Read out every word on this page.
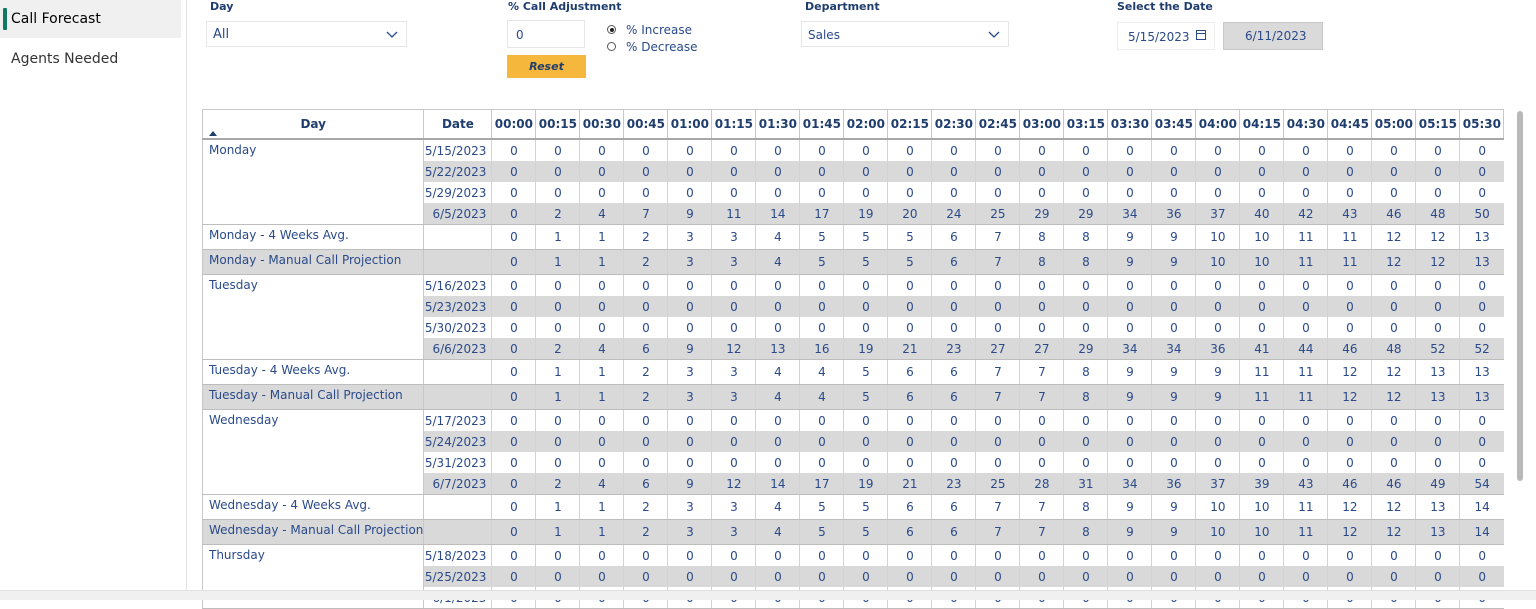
Call Forecast
Agents Needed
Day
All
% Call Adjustment
0
Reset
% Increase
% Decrease
Department
Sales
Select the Date
5/15/2023	6/11/2023
Day	Date	00:00	00:15	00:30	00:45	01:00	01:15	01:30	01:45	02:00	02:15	02:30	02:45	03:00	03:15	03:30	03:45	04:00	04:15	04:30	04:45	05:00	05:15	05:30
Monday	5/15/2023	0	0	0	0	0	0	0	0	0	0	0	0	0	0	0	0	0	0	0	0	0	0	0
	5/22/2023	0	0	0	0	0	0	0	0	0	0	0	0	0	0	0	0	0	0	0	0	0	0	0
	5/29/2023	0	0	0	0	0	0	0	0	0	0	0	0	0	0	0	0	0	0	0	0	0	0	0
	6/5/2023	0	2	4	7	9	11	14	17	19	20	24	25	29	29	34	36	37	40	42	43	46	48	50
Monday - 4 Weeks Avg.		0	1	1	2	3	3	4	5	5	5	6	7	8	8	9	9	10	10	11	11	12	12	13
Monday - Manual Call Projection		0	1	1	2	3	3	4	5	5	5	6	7	8	8	9	9	10	10	11	11	12	12	13
Tuesday	5/16/2023	0	0	0	0	0	0	0	0	0	0	0	0	0	0	0	0	0	0	0	0	0	0	0
	5/23/2023	0	0	0	0	0	0	0	0	0	0	0	0	0	0	0	0	0	0	0	0	0	0	0
	5/30/2023	0	0	0	0	0	0	0	0	0	0	0	0	0	0	0	0	0	0	0	0	0	0	0
	6/6/2023	0	2	4	6	9	12	13	16	19	21	23	27	27	29	34	34	36	41	44	46	48	52	52
Tuesday - 4 Weeks Avg.		0	1	1	2	3	3	4	4	5	6	6	7	7	8	9	9	9	11	11	12	12	13	13
Tuesday - Manual Call Projection		0	1	1	2	3	3	4	4	5	6	6	7	7	8	9	9	9	11	11	12	12	13	13
Wednesday	5/17/2023	0	0	0	0	0	0	0	0	0	0	0	0	0	0	0	0	0	0	0	0	0	0	0
	5/24/2023	0	0	0	0	0	0	0	0	0	0	0	0	0	0	0	0	0	0	0	0	0	0	0
	5/31/2023	0	0	0	0	0	0	0	0	0	0	0	0	0	0	0	0	0	0	0	0	0	0	0
	6/7/2023	0	2	4	6	9	12	14	17	19	21	23	25	28	31	34	36	37	39	43	46	46	49	54
Wednesday - 4 Weeks Avg.		0	1	1	2	3	3	4	5	5	6	6	7	7	8	9	9	10	10	11	12	12	13	14
Wednesday - Manual Call Projection		0	1	1	2	3	3	4	5	5	6	6	7	7	8	9	9	10	10	11	12	12	13	14
Thursday	5/18/2023	0	0	0	0	0	0	0	0	0	0	0	0	0	0	0	0	0	0	0	0	0	0	0
	5/25/2023	0	0	0	0	0	0	0	0	0	0	0	0	0	0	0	0	0	0	0	0	0	0	0
